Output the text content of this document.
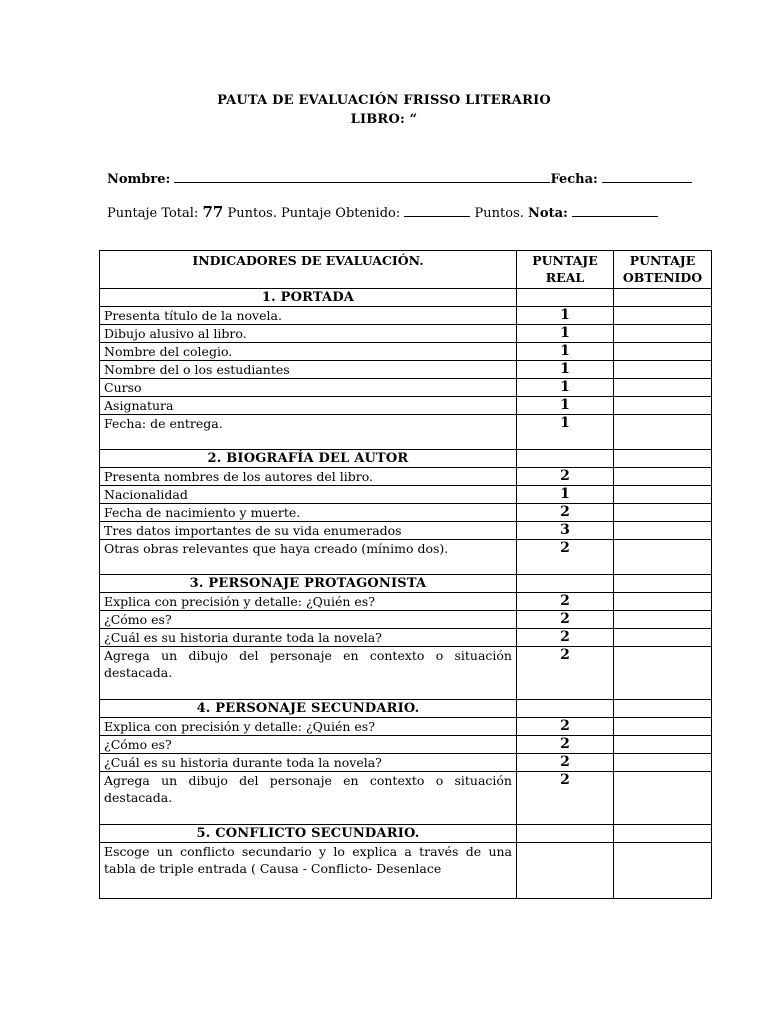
PAUTA DE EVALUACIÓN FRISSO LITERARIO
LIBRO: “
Nombre:	Fecha:
Puntaje Total: 77 Puntos. Puntaje Obtenido:	Puntos. Nota:
INDICADORES DE EVALUACIÓN.	PUNTAJE REAL	PUNTAJE OBTENIDO
1. PORTADA		
Presenta título de la novela.	1	
Dibujo alusivo al libro.	1	
Nombre del colegio.	1	
Nombre del o los estudiantes	1	
Curso	1	
Asignatura	1	
Fecha: de entrega.	1	
2. BIOGRAFÍA DEL AUTOR		
Presenta nombres de los autores del libro.	2	
Nacionalidad	1	
Fecha de nacimiento y muerte.	2	
Tres datos importantes de su vida enumerados	3	
Otras obras relevantes que haya creado (mínimo dos).	2	
3. PERSONAJE PROTAGONISTA		
Explica con precisión y detalle: ¿Quién es?	2	
¿Cómo es?	2	
¿Cuál es su historia durante toda la novela?	2	
Agrega un dibujo del personaje en contexto o situación destacada.	2	
4. PERSONAJE SECUNDARIO.		
Explica con precisión y detalle: ¿Quién es?	2	
¿Cómo es?	2	
¿Cuál es su historia durante toda la novela?	2	
Agrega un dibujo del personaje en contexto o situación destacada.	2	
5. CONFLICTO SECUNDARIO.		
Escoge un conflicto secundario y lo explica a través de una tabla de triple entrada ( Causa - Conflicto- Desenlace		
